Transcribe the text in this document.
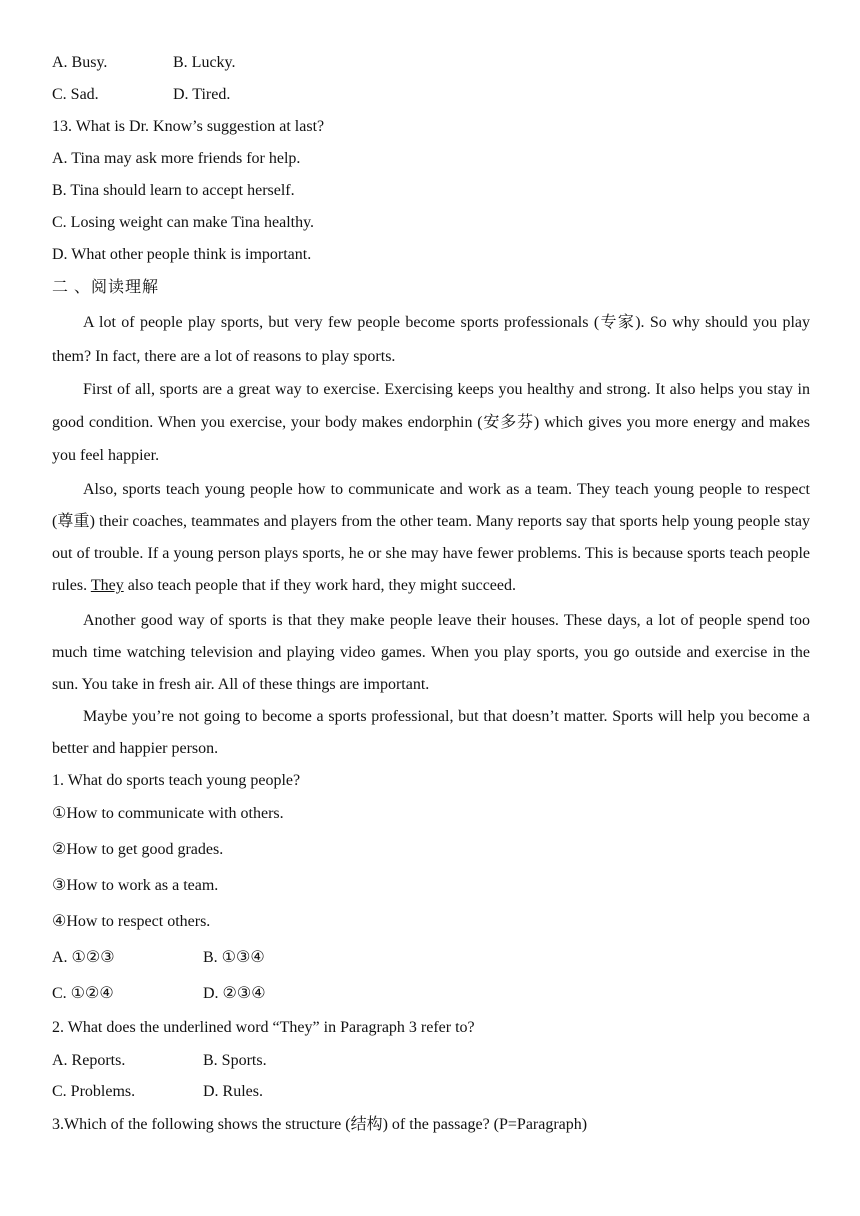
A. Busy.	B. Lucky.
C. Sad.	D. Tired.
13. What is Dr. Know’s suggestion at last?
A. Tina may ask more friends for help.
B. Tina should learn to accept herself.
C. Losing weight can make Tina healthy.
D. What other people think is important.
二 、阅读理解
A lot of people play sports, but very few people become sports professionals (专家). So why should you play them? In fact, there are a lot of reasons to play sports.
First of all, sports are a great way to exercise. Exercising keeps you healthy and strong. It also helps you stay in good condition. When you exercise, your body makes endorphin (安多芬) which gives you more energy and makes you feel happier.
Also, sports teach young people how to communicate and work as a team. They teach young people to respect (尊重) their coaches, teammates and players from the other team. Many reports say that sports help young people stay out of trouble. If a young person plays sports, he or she may have fewer problems. This is because sports teach people rules. They also teach people that if they work hard, they might succeed.
Another good way of sports is that they make people leave their houses. These days, a lot of people spend too much time watching television and playing video games. When you play sports, you go outside and exercise in the sun. You take in fresh air. All of these things are important.
Maybe you’re not going to become a sports professional, but that doesn’t matter. Sports will help you become a better and happier person.
1. What do sports teach young people?
①How to communicate with others.
②How to get good grades.
③How to work as a team.
④How to respect others.
A. ①②③	B. ①③④
C. ①②④	D. ②③④
2. What does the underlined word “They” in Paragraph 3 refer to?
A. Reports.	B. Sports.
C. Problems.	D. Rules.
3.Which of the following shows the structure (结构) of the passage? (P=Paragraph)
